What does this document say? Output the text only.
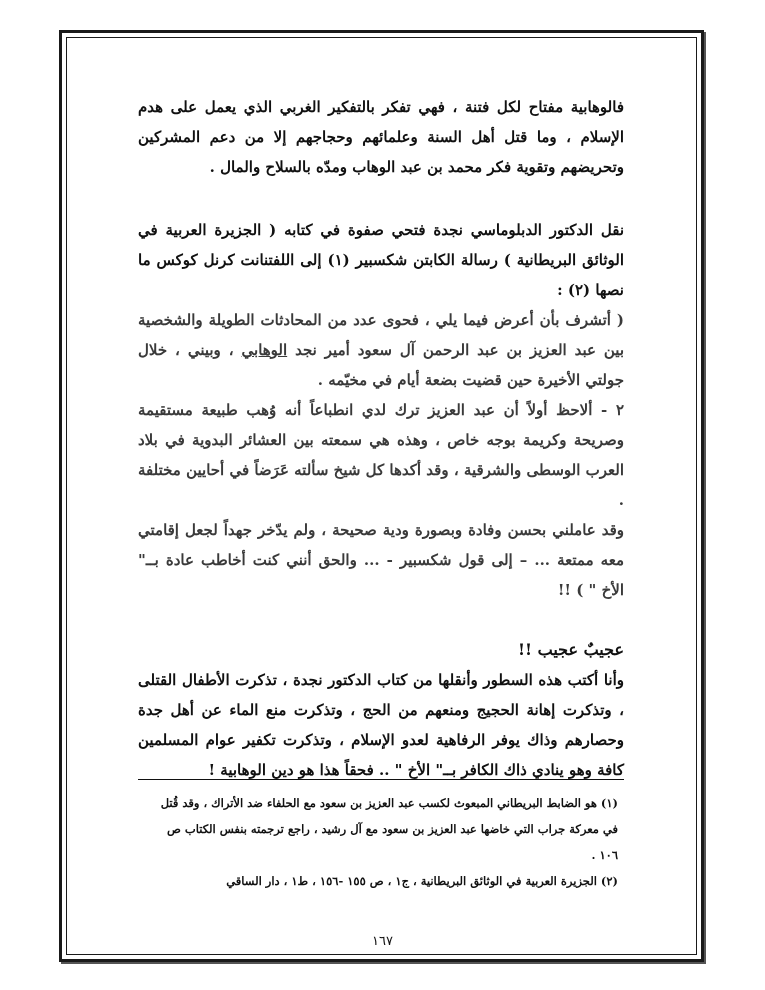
فالوهابية مفتاح لكل فتنة ، فهي تفكر بالتفكير الغربي الذي يعمل على هدم الإسلام ، وما قتل أهل السنة وعلمائهم وحجاجهم إلا من دعم المشركين وتحريضهم وتقوية فكر محمد بن عبد الوهاب ومدّه بالسلاح والمال .

نقل الدكتور الدبلوماسي نجدة فتحي صفوة في كتابه ( الجزيرة العربية في الوثائق البريطانية ) رسالة الكابتن شكسبير (١) إلى اللفتنانت كرنل كوكس ما نصها (٢) :

( أتشرف بأن أعرض فيما يلي ، فحوى عدد من المحادثات الطويلة والشخصية بين عبد العزيز بن عبد الرحمن آل سعود أمير نجد الوهابي ، وبيني ، خلال جولتي الأخيرة حين قضيت بضعة أيام في مخيّمه .

٢ - ألاحظ أولاً أن عبد العزيز ترك لدي انطباعاً أنه وُهب طبيعة مستقيمة وصريحة وكريمة بوجه خاص ، وهذه هي سمعته بين العشائر البدوية في بلاد العرب الوسطى والشرقية ، وقد أكدها كل شيخ سألته عَرَضاً في أحايين مختلفة .

وقد عاملني بحسن وفادة وبصورة ودية صحيحة ، ولم يدّخر جهداً لجعل إقامتي معه ممتعة ... – إلى قول شكسبير - ... والحق أنني كنت أخاطب عادة بــ" الأخ " ) !!

عجيبٌ عجيب !!

وأنا أكتب هذه السطور وأنقلها من كتاب الدكتور نجدة ، تذكرت الأطفال القتلى ، وتذكرت إهانة الحجيج ومنعهم من الحج ، وتذكرت منع الماء عن أهل جدة وحصارهم وذاك يوفر الرفاهية لعدو الإسلام ، وتذكرت تكفير عوام المسلمين كافة وهو ينادي ذاك الكافر بــ" الأخ " .. فحقاً هذا هو دين الوهابية !

(١) هو الضابط البريطاني المبعوث لكسب عبد العزيز بن سعود مع الحلفاء ضد الأتراك ، وقد قُتل في معركة جراب التي خاضها عبد العزيز بن سعود مع آل رشيد ، راجع ترجمته بنفس الكتاب ص ١٠٦ .

(٢) الجزيرة العربية في الوثائق البريطانية ، ج١ ، ص ١٥٥ -١٥٦ ، ط١ ، دار الساقي

١٦٧
